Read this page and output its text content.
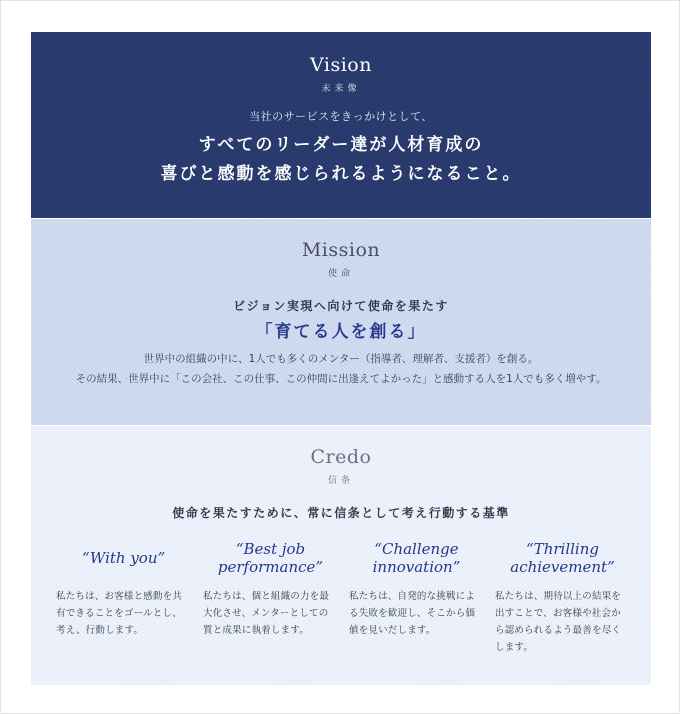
Vision
未来像
当社のサービスをきっかけとして、
すべてのリーダー達が人材育成の
喜びと感動を感じられるようになること。
Mission
使命
ビジョン実現へ向けて使命を果たす
「育てる人を創る」
世界中の組織の中に、1人でも多くのメンター（指導者、理解者、支援者）を創る。
その結果、世界中に「この会社、この仕事、この仲間に出逢えてよかった」と感動する人を1人でも多く増やす。
Credo
信条
使命を果たすために、常に信条として考え行動する基準
“With you”
私たちは、お客様と感動を共有できることをゴールとし、考え、行動します。
“Best job
performance”
私たちは、個と組織の力を最大化させ、メンターとしての質と成果に執着します。
“Challenge
innovation”
私たちは、自発的な挑戦による失敗を歓迎し、そこから価値を見いだします。
“Thrilling
achievement”
私たちは、期待以上の結果を出すことで、お客様や社会から認められるよう最善を尽くします。
